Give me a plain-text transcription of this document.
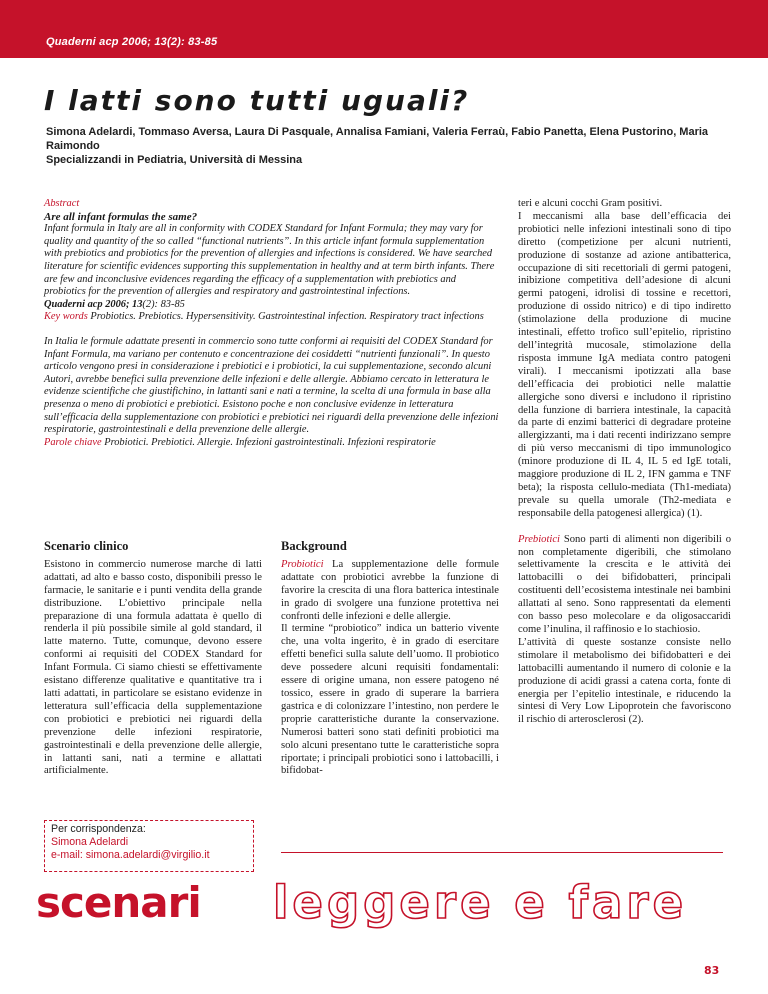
Quaderni acp 2006; 13(2): 83-85
I latti sono tutti uguali?
Simona Adelardi, Tommaso Aversa, Laura Di Pasquale, Annalisa Famiani, Valeria Ferraù, Fabio Panetta, Elena Pustorino, Maria Raimondo
Specializzandi in Pediatria, Università di Messina
Abstract
Are all infant formulas the same?

Infant formula in Italy are all in conformity with CODEX Standard for Infant Formula; they may vary for quality and quantity of the so called “functional nutrients”. In this article infant formula supplementation with prebiotics and probiotics for the prevention of allergies and infections is considered. We have searched literature for scientific evidences supporting this supplementation in healthy and at term birth infants. There are few and inconclusive evidences regarding the efficacy of a supplementation with prebiotics and probiotics for the prevention of allergies and respiratory and gastrointestinal infections.

Quaderni acp 2006; 13(2): 83-85

Key words Probiotics. Prebiotics. Hypersensitivity. Gastrointestinal infection. Respiratory tract infections

In Italia le formule adattate presenti in commercio sono tutte conformi ai requisiti del CODEX Standard for Infant Formula, ma variano per contenuto e concentrazione dei cosiddetti “nutrienti funzionali”. In questo articolo vengono presi in considerazione i prebiotici e i probiotici, la cui supplementazione, secondo alcuni Autori, avrebbe benefici sulla prevenzione delle infezioni e delle allergie. Abbiamo cercato in letteratura le evidenze scientifiche che giustifichino, in lattanti sani e nati a termine, la scelta di una formula in base alla presenza o meno di probiotici e prebiotici. Esistono poche e non conclusive evidenze in letteratura sull’efficacia della supplementazione con probiotici e prebiotici nei riguardi della prevenzione delle infezioni respiratorie, gastrointestinali e della prevenzione delle allergie.

Parole chiave Probiotici. Prebiotici. Allergie. Infezioni gastrointestinali. Infezioni respiratorie

Scenario clinico

Esistono in commercio numerose marche di latti adattati, ad alto e basso costo, disponibili presso le farmacie, le sanitarie e i punti vendita della grande distribuzione. L’obiettivo principale nella preparazione di una formula adattata è quello di renderla il più possibile simile al gold standard, il latte materno. Tutte, comunque, devono essere conformi ai requisiti del CODEX Standard for Infant Formula. Ci siamo chiesti se effettivamente esistano differenze qualitative e quantitative tra i latti adattati, in particolare se esistano evidenze in letteratura sull’efficacia della supplementazione con probiotici e prebiotici nei riguardi della prevenzione delle infezioni respiratorie, gastrointestinali e della prevenzione delle allergie, in lattanti sani, nati a termine e allattati artificialmente.

Background

Probiotici La supplementazione delle formule adattate con probiotici avrebbe la funzione di favorire la crescita di una flora batterica intestinale in grado di svolgere una funzione protettiva nei confronti delle infezioni e delle allergie.

Il termine “probiotico” indica un batterio vivente che, una volta ingerito, è in grado di esercitare effetti benefici sulla salute dell’uomo. Il probiotico deve possedere alcuni requisiti fondamentali: essere di origine umana, non essere patogeno né tossico, essere in grado di superare la barriera gastrica e di colonizzare l’intestino, non perdere le proprie caratteristiche durante la conservazione. Numerosi batteri sono stati definiti probiotici ma solo alcuni presentano tutte le caratteristiche sopra riportate; i principali probiotici sono i lattobacilli, i bifidobat-

teri e alcuni cocchi Gram positivi.

I meccanismi alla base dell’efficacia dei probiotici nelle infezioni intestinali sono di tipo diretto (competizione per alcuni nutrienti, produzione di sostanze ad azione antibatterica, occupazione di siti recettoriali di germi patogeni, inibizione competitiva dell’adesione di alcuni germi patogeni, idrolisi di tossine e recettori, produzione di ossido nitrico) e di tipo indiretto (stimolazione della produzione di mucine intestinali, effetto trofico sull’epitelio, ripristino dell’integrità mucosale, stimolazione della risposta immune IgA mediata contro patogeni virali). I meccanismi ipotizzati alla base dell’efficacia dei probiotici nelle malattie allergiche sono diversi e includono il ripristino della funzione di barriera intestinale, la capacità da parte di enzimi batterici di degradare proteine allergizzanti, ma i dati recenti indirizzano sempre di più verso meccanismi di tipo immunologico (minore produzione di IL 4, IL 5 ed IgE totali, maggiore produzione di IL 2, IFN gamma e TNF beta); la risposta cellulo-mediata (Th1-mediata) prevale su quella umorale (Th2-mediata e responsabile della patogenesi allergica) (1).

Prebiotici Sono parti di alimenti non digeribili o non completamente digeribili, che stimolano selettivamente la crescita e le attività dei lattobacilli o dei bifidobatteri, principali costituenti dell’ecosistema intestinale nei bambini allattati al seno. Sono rappresentati da elementi con basso peso molecolare e da oligosaccaridi come l’inulina, il raffinosio e lo stachiosio.

L’attività di queste sostanze consiste nello stimolare il metabolismo dei bifidobatteri e dei lattobacilli aumentando il numero di colonie e la produzione di acidi grassi a catena corta, fonte di energia per l’epitelio intestinale, e riducendo la sintesi di Very Low Lipoprotein che favoriscono il rischio di arterosclerosi (2).

Per corrispondenza:
Simona Adelardi
e-mail: simona.adelardi@virgilio.it
scenari leggere e fare
83
